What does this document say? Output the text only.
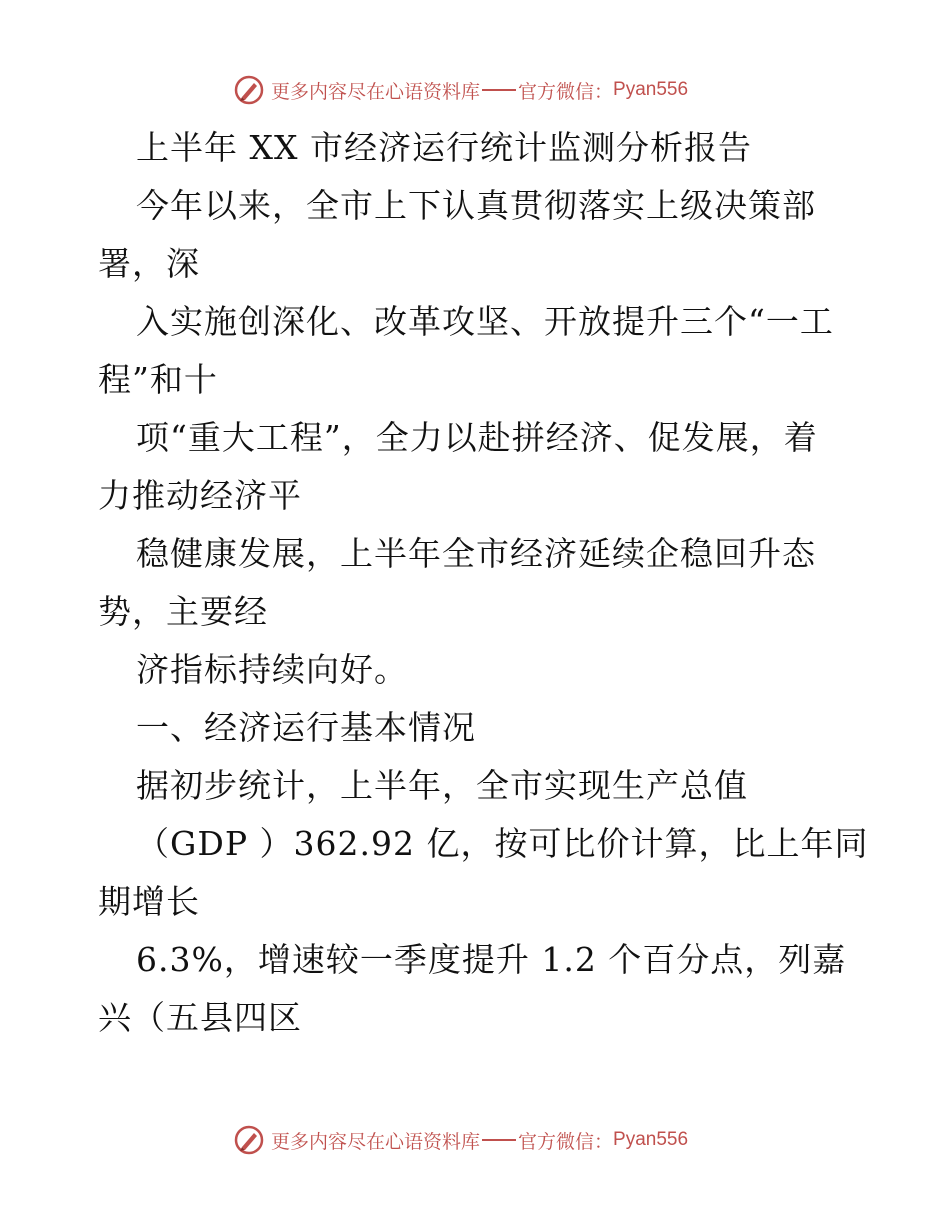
更多内容尽在心语资料库 官方微信： Pyan556
上半年 XX 市经济运行统计监测分析报告
今年以来，全市上下认真贯彻落实上级决策部
署，深
入实施创深化、改革攻坚、开放提升三个“一工
程”和十
项“重大工程”，全力以赴拼经济、促发展，着
力推动经济平
稳健康发展，上半年全市经济延续企稳回升态
势，主要经
济指标持续向好。
一、经济运行基本情况
据初步统计，上半年，全市实现生产总值
（GDP ）362.92 亿，按可比价计算，比上年同
期增长
6.3%，增速较一季度提升 1.2 个百分点，列嘉
兴（五县四区
更多内容尽在心语资料库 官方微信： Pyan556
